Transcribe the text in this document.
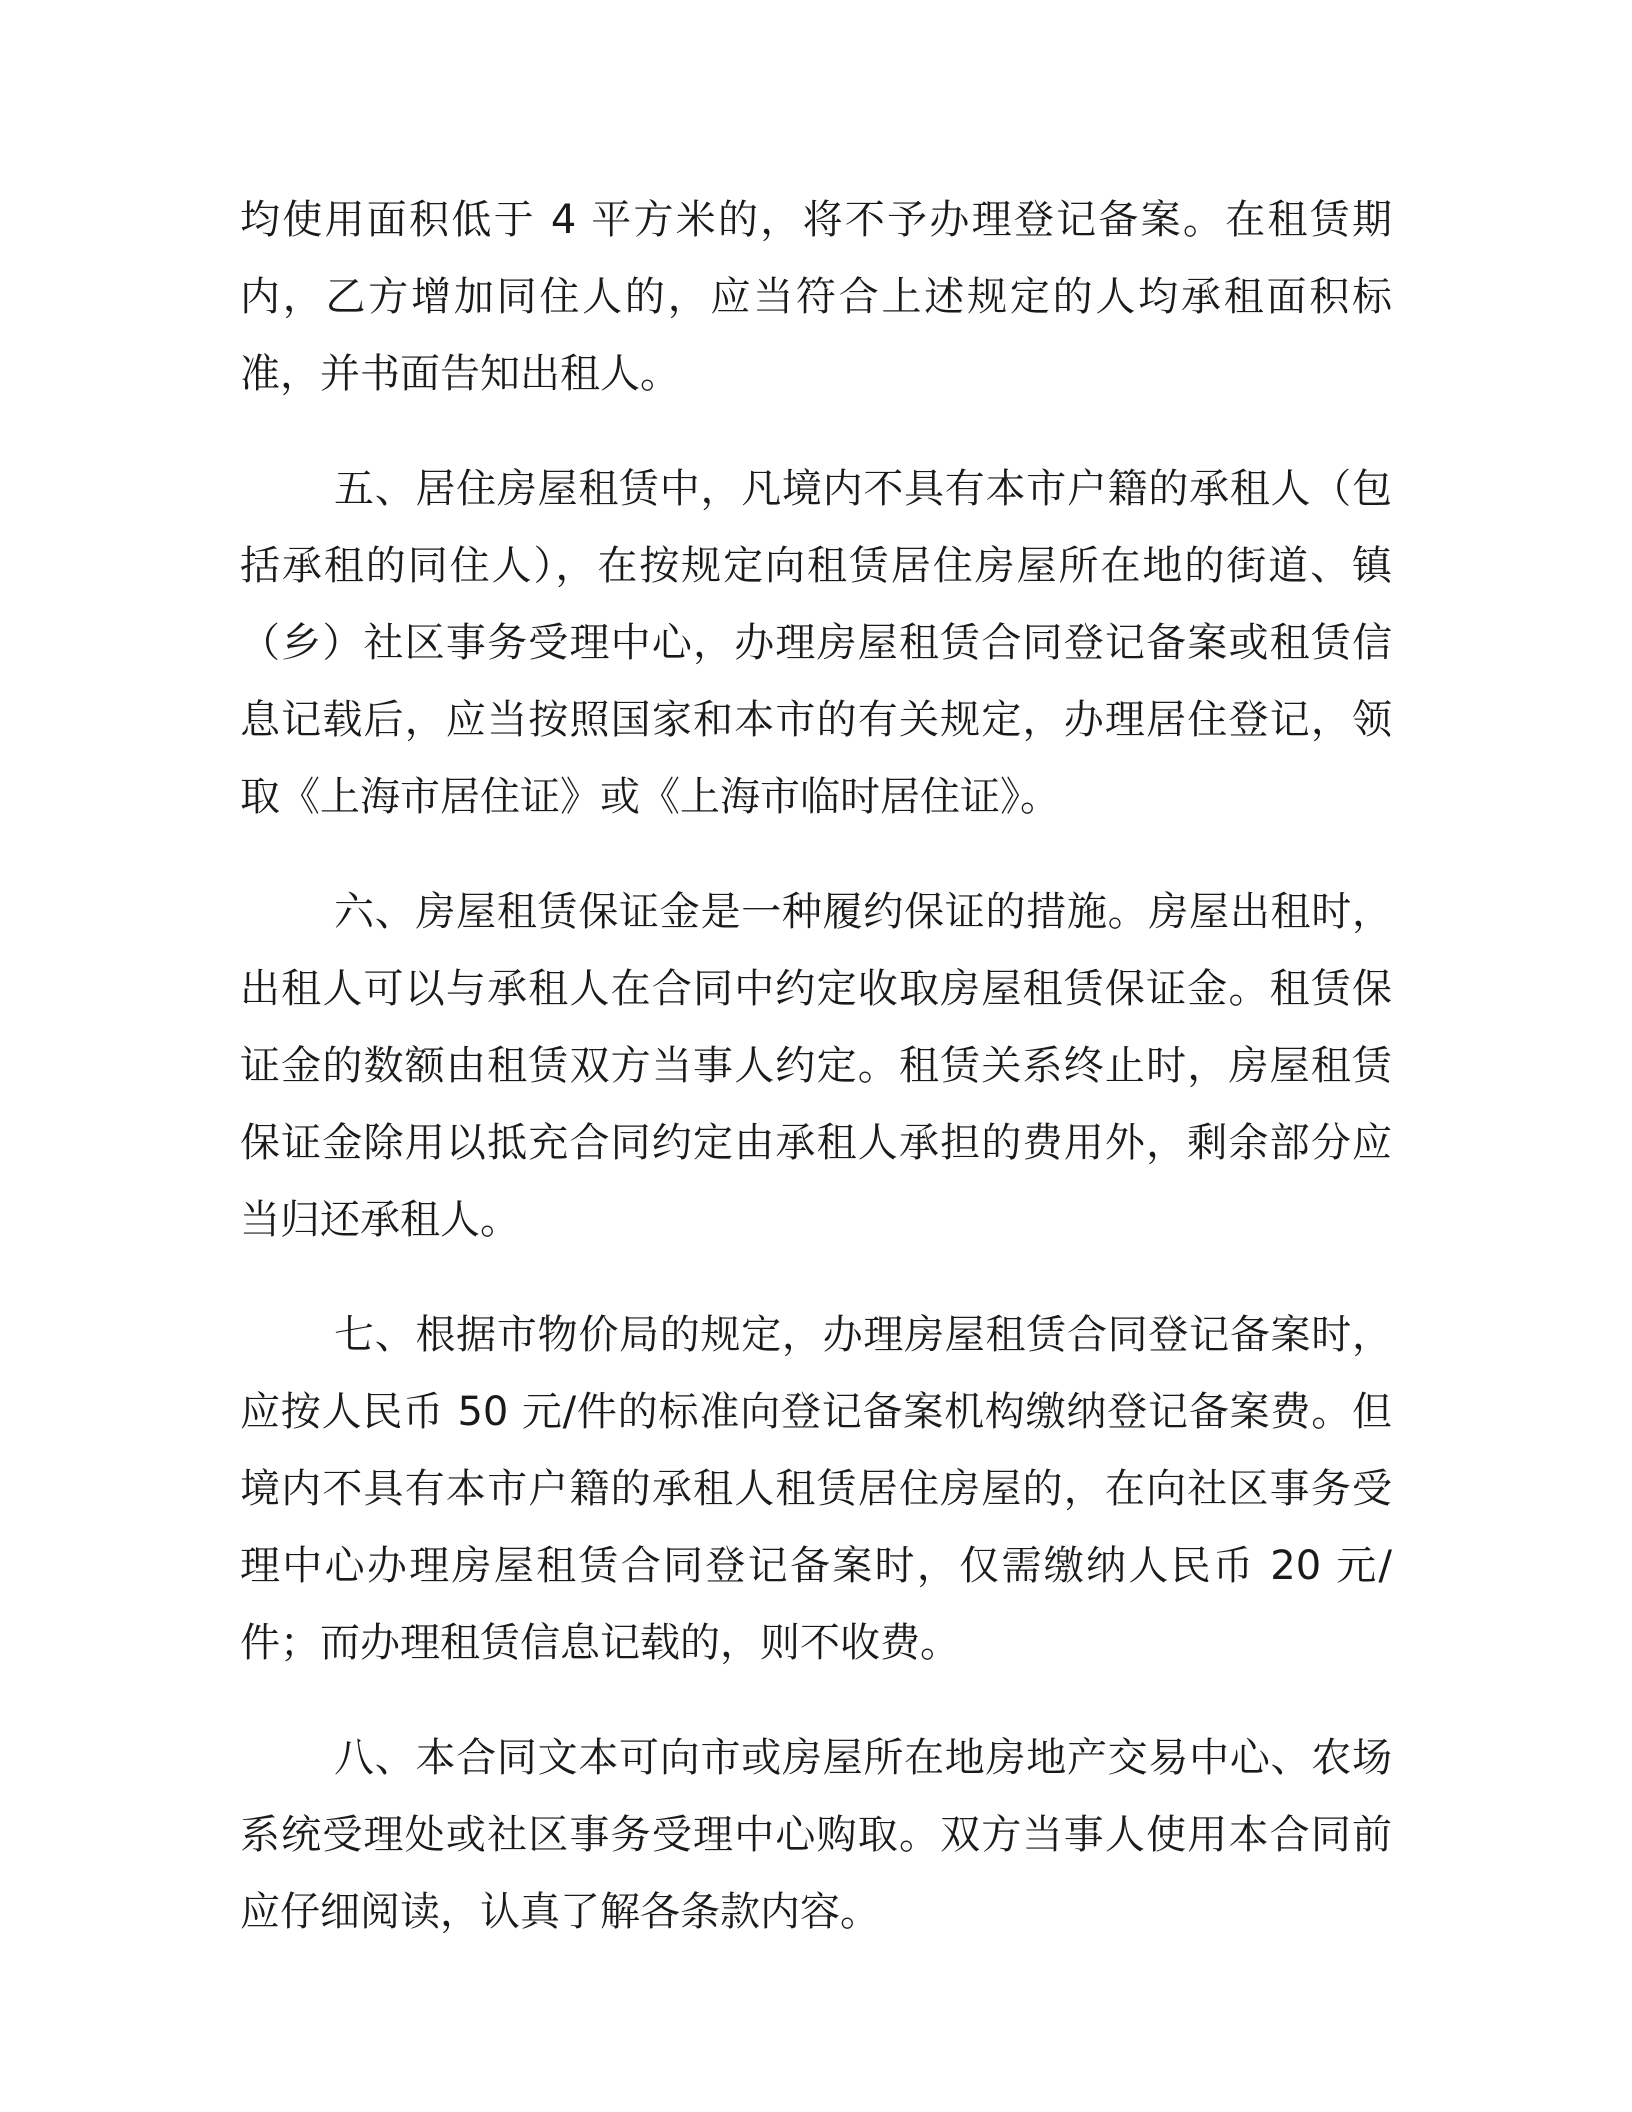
均使用面积低于 4 平方米的，将不予办理登记备案。在租赁期内，乙方增加同住人的，应当符合上述规定的人均承租面积标准，并书面告知出租人。

五、居住房屋租赁中，凡境内不具有本市户籍的承租人（包括承租的同住人），在按规定向租赁居住房屋所在地的街道、镇（乡）社区事务受理中心，办理房屋租赁合同登记备案或租赁信息记载后，应当按照国家和本市的有关规定，办理居住登记，领取《上海市居住证》或《上海市临时居住证》。

六、房屋租赁保证金是一种履约保证的措施。房屋出租时，出租人可以与承租人在合同中约定收取房屋租赁保证金。租赁保证金的数额由租赁双方当事人约定。租赁关系终止时，房屋租赁保证金除用以抵充合同约定由承租人承担的费用外，剩余部分应当归还承租人。

七、根据市物价局的规定，办理房屋租赁合同登记备案时，应按人民币 50 元/件的标准向登记备案机构缴纳登记备案费。但境内不具有本市户籍的承租人租赁居住房屋的，在向社区事务受理中心办理房屋租赁合同登记备案时，仅需缴纳人民币 20 元/件；而办理租赁信息记载的，则不收费。

八、本合同文本可向市或房屋所在地房地产交易中心、农场系统受理处或社区事务受理中心购取。双方当事人使用本合同前应仔细阅读，认真了解各条款内容。
